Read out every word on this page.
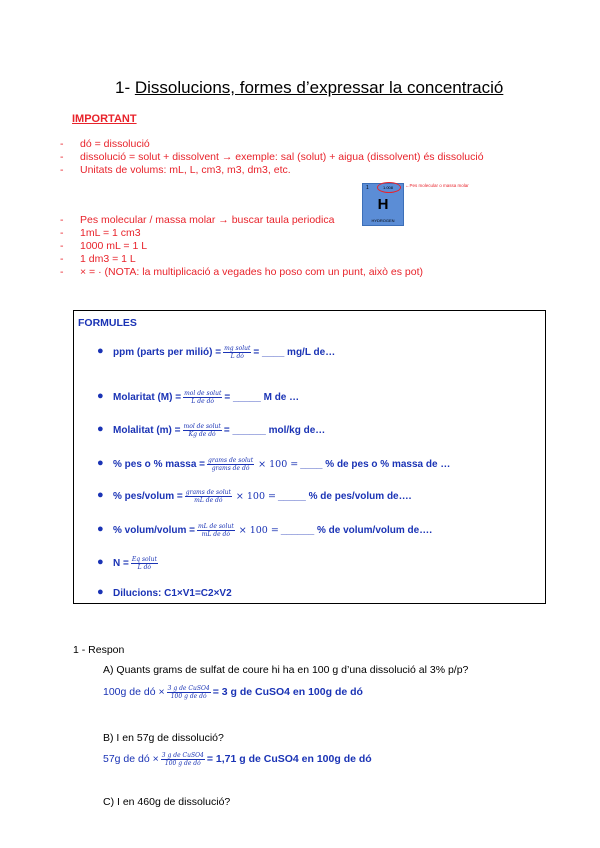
1- Dissolucions, formes d’expressar la concentració
IMPORTANT
- dó = dissolució
- dissolució = solut + dissolvent → exemple: sal (solut) + aigua (dissolvent) és dissolució
- Unitats de volums: mL, L, cm3, m3, dm3, etc.
1	1.008
H
HYDROGEN
←Pes molecular o massa molar
- Pes molecular / massa molar → buscar taula periodica
- 1mL = 1 cm3
- 1000 mL = 1 L
- 1 dm3 = 1 L
- × = · (NOTA: la multiplicació a vegades ho poso com un punt, això es pot)
FORMULES
● ppm (parts per milió) = $\frac{\text{mg solut}}{\text{L dó}}$ = ____ mg/L de…
● Molaritat $(M) = \frac{\text{mol de solut}}{\text{L de dó}}$ = _____ M de …
● Molalitat $(m) = \frac{\text{mol de solut}}{\text{Kg de dó}}$ = ______ mol/kg de…
● % pes o % massa = $\frac{\text{grams de solut}}{\text{grams de dó}} \times 100$ = ____ % de pes o % massa de …
● % pes/volum = $\frac{\text{grams de solut}}{\text{mL de dó}} \times 100$ = _____ % de pes/volum de….
● % volum/volum = $\frac{\text{mL de solut}}{\text{mL de dó}} \times 100$ = ______ % de volum/volum de….
● $N = \frac{\text{Eq solut}}{\text{L dó}}$
● Dilucions: C1×V1=C2×V2
1 - Respon
A) Quants grams de sulfat de coure hi ha en 100 g d’una dissolució al 3% p/p?
100g de dó × $\frac{\text{3 g de CuSO4}}{\text{100 g de dó}} = 3$ g de CuSO4 en 100g de dó
B) I en 57g de dissolució?
57g de dó × $\frac{\text{3 g de CuSO4}}{\text{100 g de dó}} = 1,71$ g de CuSO4 en 100g de dó
C) I en 460g de dissolució?
